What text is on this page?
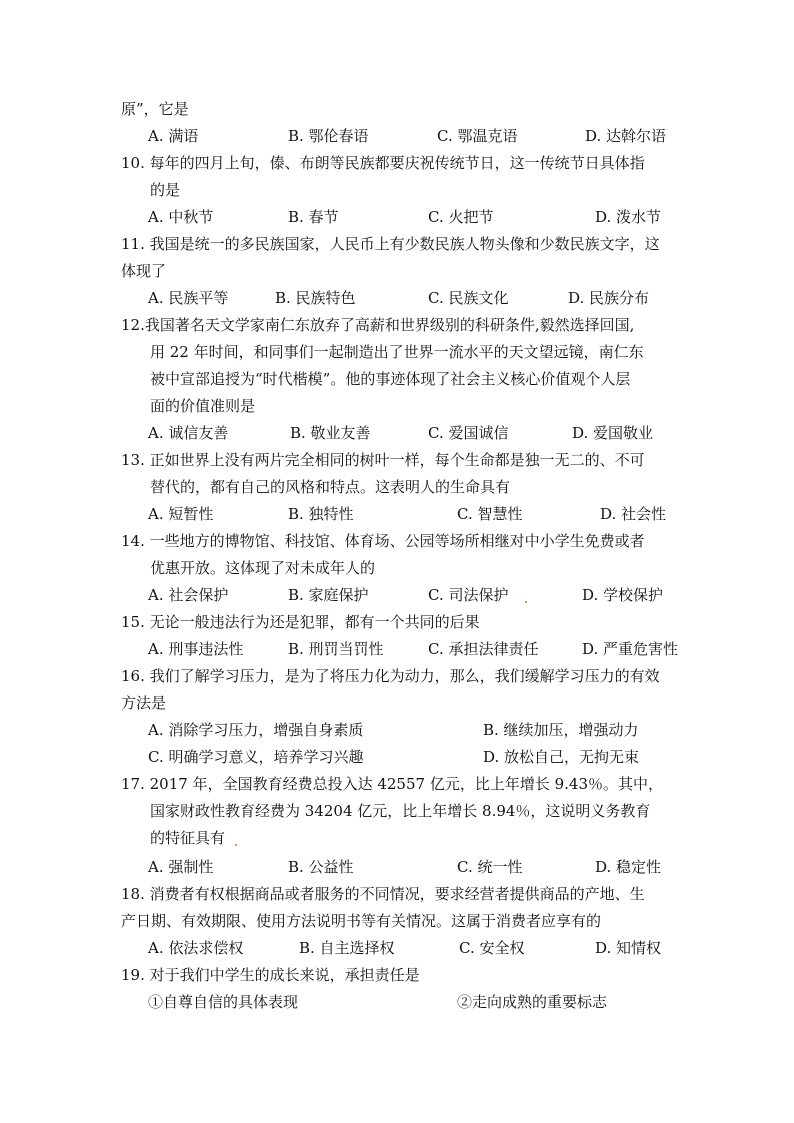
原”，它是
A. 满语	B. 鄂伦春语	C. 鄂温克语	D. 达斡尔语
10. 每年的四月上旬，傣、布朗等民族都要庆祝传统节日，这一传统节日具体指
的是
A. 中秋节	B. 春节	C. 火把节	D. 泼水节
11. 我国是统一的多民族国家，人民币上有少数民族人物头像和少数民族文字，这
体现了
A. 民族平等	B. 民族特色	C. 民族文化	D. 民族分布
12.我国著名天文学家南仁东放弃了高薪和世界级别的科研条件,毅然选择回国,
用 22 年时间，和同事们一起制造出了世界一流水平的天文望远镜，南仁东
被中宣部追授为“时代楷模”。他的事迹体现了社会主义核心价值观个人层
面的价值准则是
A. 诚信友善	B. 敬业友善	C. 爱国诚信	D. 爱国敬业
13. 正如世界上没有两片完全相同的树叶一样，每个生命都是独一无二的、不可
替代的，都有自己的风格和特点。这表明人的生命具有
A. 短暂性	B. 独特性	C. 智慧性	D. 社会性
14. 一些地方的博物馆、科技馆、体育场、公园等场所相继对中小学生免费或者
优惠开放。这体现了对未成年人的
A. 社会保护	B. 家庭保护	C. 司法保护	D. 学校保护
15. 无论一般违法行为还是犯罪，都有一个共同的后果
A. 刑事违法性	B. 刑罚当罚性	C. 承担法律责任	D. 严重危害性
16. 我们了解学习压力，是为了将压力化为动力，那么，我们缓解学习压力的有效
方法是
A. 消除学习压力，增强自身素质	B. 继续加压，增强动力
C. 明确学习意义，培养学习兴趣	D. 放松自己，无拘无束
17. 2017 年，全国教育经费总投入达 42557 亿元，比上年增长 9.43％。其中，
国家财政性教育经费为 34204 亿元，比上年增长 8.94％，这说明义务教育
的特征具有
A. 强制性	B. 公益性	C. 统一性	D. 稳定性
18. 消费者有权根据商品或者服务的不同情况，要求经营者提供商品的产地、生
产日期、有效期限、使用方法说明书等有关情况。这属于消费者应享有的
A. 依法求偿权	B. 自主选择权	C. 安全权	D. 知情权
19. 对于我们中学生的成长来说，承担责任是
①自尊自信的具体表现	②走向成熟的重要标志
